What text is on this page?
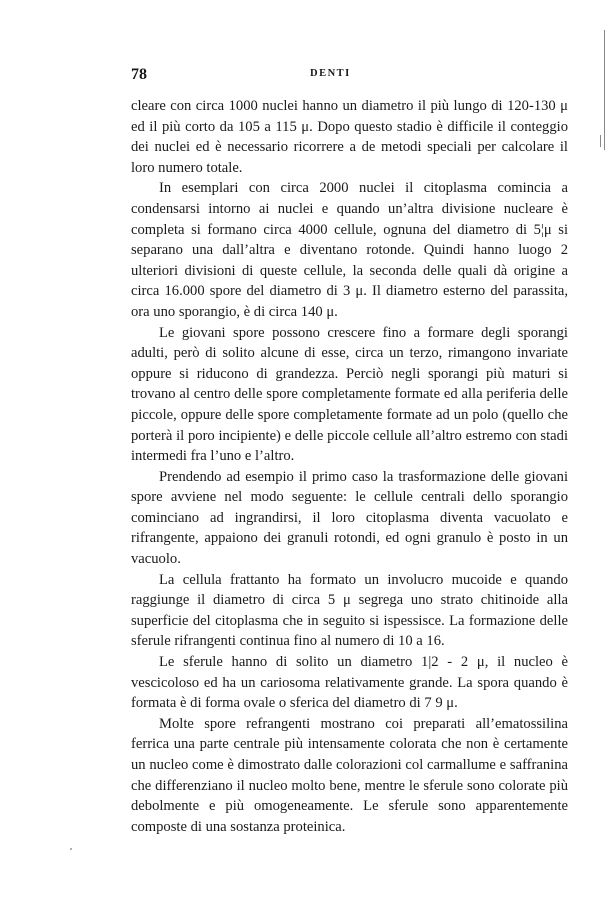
78	DENTI

cleare con circa 1000 nuclei hanno un diametro il più lungo di 120-130 μ ed il più corto da 105 a 115 μ. Dopo questo stadio è difficile il conteggio dei nuclei ed è necessario ricorrere a de metodi speciali per calcolare il loro numero totale.

In esemplari con circa 2000 nuclei il citoplasma comincia a condensarsi intorno ai nuclei e quando un’altra divisione nucleare è completa si formano circa 4000 cellule, ognuna del diametro di 5¦μ si separano una dall’altra e diventano rotonde. Quindi hanno luogo 2 ulteriori divisioni di queste cellule, la seconda delle quali dà origine a circa 16.000 spore del diametro di 3 μ. Il diametro esterno del parassita, ora uno sporangio, è di circa 140 μ.

Le giovani spore possono crescere fino a formare degli sporangi adulti, però di solito alcune di esse, circa un terzo, rimangono invariate oppure si riducono di grandezza. Perciò negli sporangi più maturi si trovano al centro delle spore completamente formate ed alla periferia delle piccole, oppure delle spore completamente formate ad un polo (quello che porterà il poro incipiente) e delle piccole cellule all’altro estremo con stadi intermedi fra l’uno e l’altro.

Prendendo ad esempio il primo caso la trasformazione delle giovani spore avviene nel modo seguente: le cellule centrali dello sporangio cominciano ad ingrandirsi, il loro citoplasma diventa vacuolato e rifrangente, appaiono dei granuli rotondi, ed ogni granulo è posto in un vacuolo.

La cellula frattanto ha formato un involucro mucoide e quando raggiunge il diametro di circa 5 μ segrega uno strato chitinoide alla superficie del citoplasma che in seguito si ispessisce. La formazione delle sferule rifrangenti continua fino al numero di 10 a 16.

Le sferule hanno di solito un diametro 1|2 - 2 μ, il nucleo è vescicoloso ed ha un cariosoma relativamente grande. La spora quando è formata è di forma ovale o sferica del diametro di 7 9 μ.

Molte spore refrangenti mostrano coi preparati all’ematossilina ferrica una parte centrale più intensamente colorata che non è certamente un nucleo come è dimostrato dalle colorazioni col carmallume e saffranina che differenziano il nucleo molto bene, mentre le sferule sono colorate più debolmente e più omogeneamente. Le sferule sono apparentemente composte di una sostanza proteinica.
